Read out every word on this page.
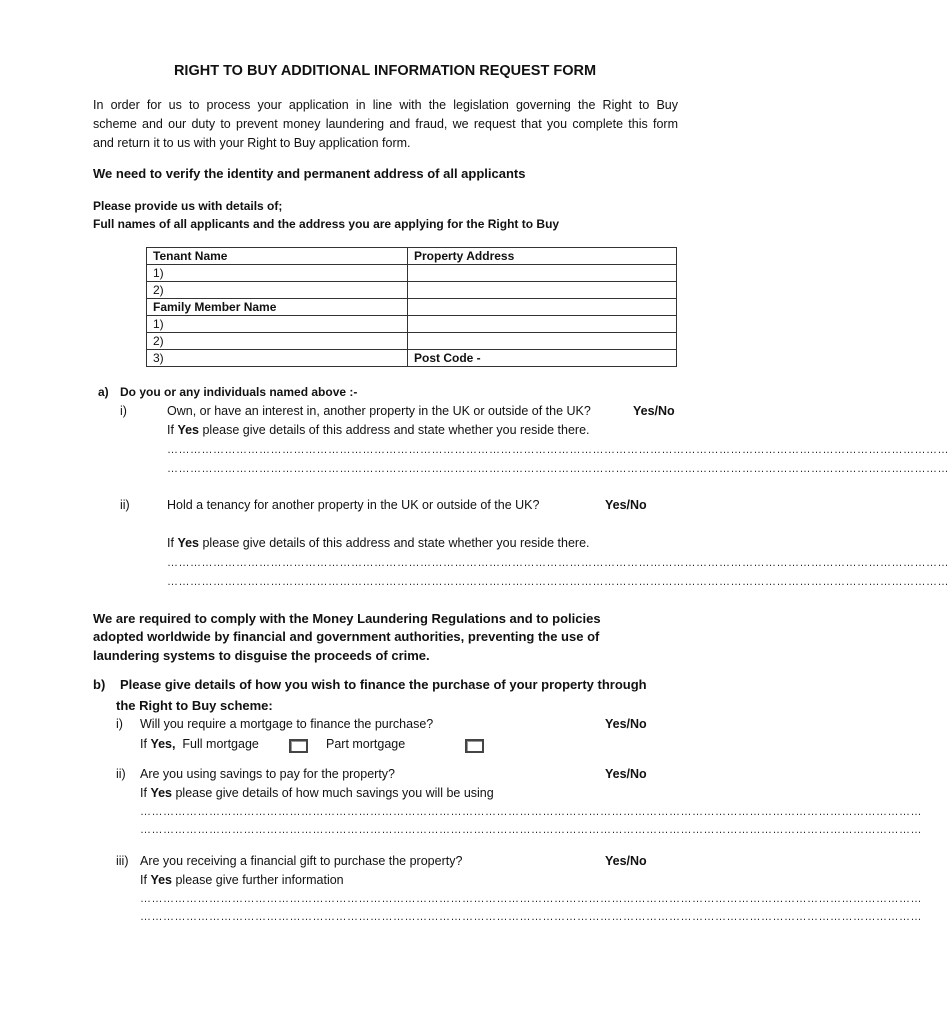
RIGHT TO BUY ADDITIONAL INFORMATION REQUEST FORM
In order for us to process your application in line with the legislation governing the Right to Buy
scheme and our duty to prevent money laundering and fraud, we request that you complete this form
and return it to us with your Right to Buy application form.
We need to verify the identity and permanent address of all applicants
Please provide us with details of;
Full names of all applicants and the address you are applying for the Right to Buy
Tenant Name	Property Address
1)	
2)	
Family Member Name	
1)	
2)	
3)	Post Code -
a) Do you or any individuals named above :-
i)	Own, or have an interest in, another property in the UK or outside of the UK?	Yes/No
If Yes please give details of this address and state whether you reside there.
……………………………………………………………………………………………………………………………………………………………………………………
……………………………………………………………………………………………………………………………………………………………………………………
ii)	Hold a tenancy for another property in the UK or outside of the UK?	Yes/No
If Yes please give details of this address and state whether you reside there.
……………………………………………………………………………………………………………………………………………………………………………………
……………………………………………………………………………………………………………………………………………………………………………………
We are required to comply with the Money Laundering Regulations and to policies
adopted worldwide by financial and government authorities, preventing the use of
laundering systems to disguise the proceeds of crime.
b) Please give details of how you wish to finance the purchase of your property through
the Right to Buy scheme:
i) Will you require a mortgage to finance the purchase?	Yes/No
If Yes, Full mortgage	Part mortgage
ii) Are you using savings to pay for the property?	Yes/No
If Yes please give details of how much savings you will be using
……………………………………………………………………………………………………………………………………………………………………………………
……………………………………………………………………………………………………………………………………………………………………………………
iii) Are you receiving a financial gift to purchase the property?	Yes/No
If Yes please give further information
……………………………………………………………………………………………………………………………………………………………………………………
……………………………………………………………………………………………………………………………………………………………………………………
